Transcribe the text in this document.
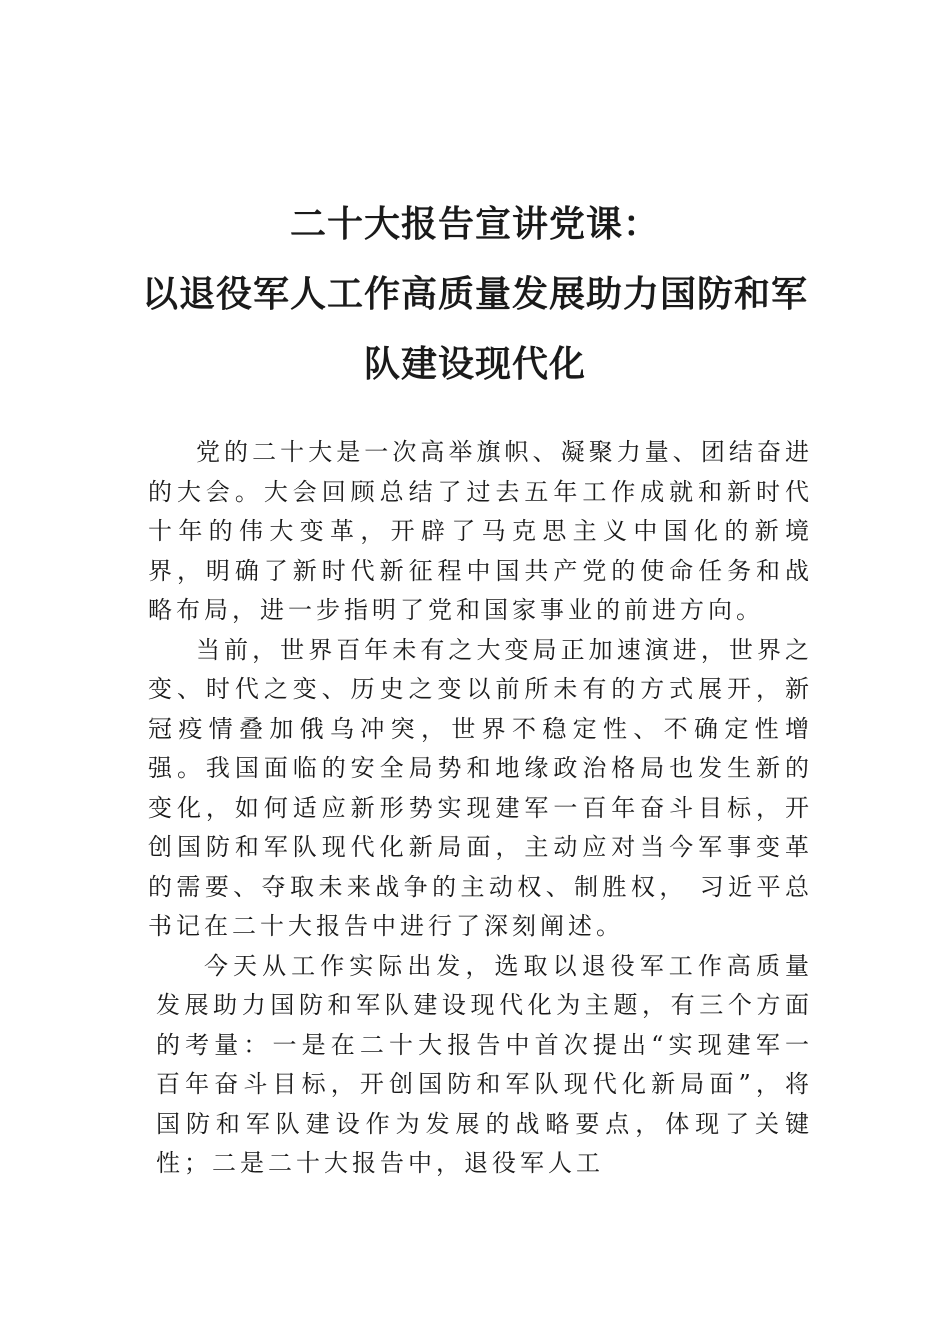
二十大报告宣讲党课：
以退役军人工作高质量发展助力国防和军
队建设现代化

党的二十大是一次高举旗帜、凝聚力量、团结奋进的大会。大会回顾总结了过去五年工作成就和新时代十年的伟大变革，开辟了马克思主义中国化的新境界，明确了新时代新征程中国共产党的使命任务和战略布局，进一步指明了党和国家事业的前进方向。

当前，世界百年未有之大变局正加速演进，世界之变、时代之变、历史之变以前所未有的方式展开，新冠疫情叠加俄乌冲突，世界不稳定性、不确定性增强。我国面临的安全局势和地缘政治格局也发生新的变化，如何适应新形势实现建军一百年奋斗目标，开创国防和军队现代化新局面，主动应对当今军事变革的需要、夺取未来战争的主动权、制胜权， 习近平总书记在二十大报告中进行了深刻阐述。

今天从工作实际出发，选取以退役军工作高质量发展助力国防和军队建设现代化为主题，有三个方面的考量：一是在二十大报告中首次提出“实现建军一百年奋斗目标，开创国防和军队现代化新局面”，将国防和军队建设作为发展的战略要点，体现了关键性；二是二十大报告中，退役军人工
